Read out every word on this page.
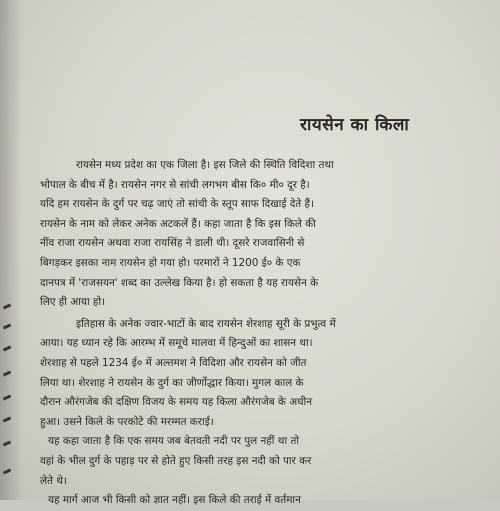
रायसेन का किला
रायसेन मध्य प्रदेश का एक जिला है। इस जिले की स्थिति विदिशा तथा
भोपाल के बीच में है। रायसेन नगर से सांची लगभग बीस कि० मी० दूर है।
यदि हम रायसेन के दुर्ग पर चढ़ जाएं तो सांची के स्तूप साफ दिखाई देते हैं।
रायसेन के नाम को लेकर अनेक अटकलें हैं। कहा जाता है कि इस किले की
नींव राजा रायसेन अथवा राजा रायसिंह ने डाली थी। दूसरे राजवासिनी से
बिगड़कर इसका नाम रायसेन हो गया हो। परमारों ने 1200 ई० के एक
दानपत्र में 'राजसयन' शब्द का उल्लेख किया है। हो सकता है यह रायसेन के
लिए ही आया हो।
इतिहास के अनेक ज्वार-भाटों के बाद रायसेन शेरशाह सूरी के प्रभुत्व में
आया। यह ध्यान रहे कि आरम्भ में समूचे मालवा में हिन्दुओं का शासन था।
शेरशाह से पहले 1234 ई० में अल्तमश ने विदिशा और रायसेन को जीत
लिया था। शेरशाह ने रायसेन के दुर्ग का जीर्णोद्धार किया। मुगल काल के
दौरान औरंगजेब की दक्षिण विजय के समय यह किला औरंगजेब के अधीन
हुआ। उसने किले के परकोटे की मरम्मत कराई।
यह कहा जाता है कि एक समय जब बेतवती नदी पर पुल नहीं था तो
वहां के भील दुर्ग के पहाड़ पर से होते हुए किसी तरह इस नदी को पार कर
लेते थे।
यह मार्ग आज भी किसी को ज्ञात नहीं। इस किले की तराई में वर्तमान
